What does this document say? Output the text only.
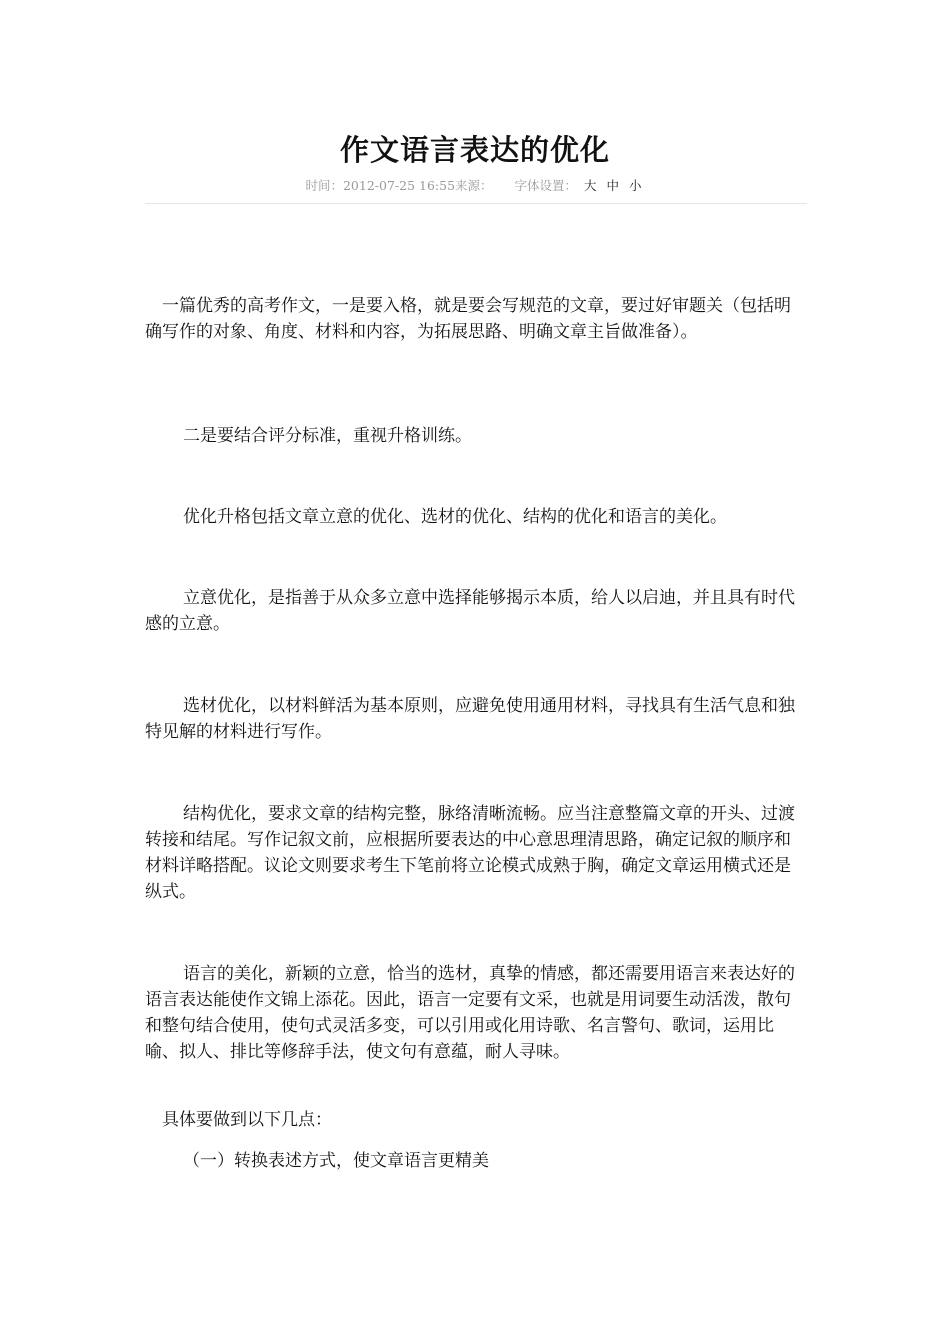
作文语言表达的优化
时间：2012-07-25 16:55来源： 字体设置： 大 中 小

一篇优秀的高考作文，一是要入格，就是要会写规范的文章，要过好审题关（包括明确写作的对象、角度、材料和内容，为拓展思路、明确文章主旨做准备）。

二是要结合评分标准，重视升格训练。

优化升格包括文章立意的优化、选材的优化、结构的优化和语言的美化。

立意优化，是指善于从众多立意中选择能够揭示本质，给人以启迪，并且具有时代感的立意。

选材优化，以材料鲜活为基本原则，应避免使用通用材料，寻找具有生活气息和独特见解的材料进行写作。

结构优化，要求文章的结构完整，脉络清晰流畅。应当注意整篇文章的开头、过渡转接和结尾。写作记叙文前，应根据所要表达的中心意思理清思路，确定记叙的顺序和材料详略搭配。议论文则要求考生下笔前将立论模式成熟于胸，确定文章运用横式还是纵式。

语言的美化，新颖的立意，恰当的选材，真挚的情感，都还需要用语言来表达好的语言表达能使作文锦上添花。因此，语言一定要有文采，也就是用词要生动活泼，散句和整句结合使用，使句式灵活多变，可以引用或化用诗歌、名言警句、歌词，运用比喻、拟人、排比等修辞手法，使文句有意蕴，耐人寻味。

具体要做到以下几点：

（一）转换表述方式，使文章语言更精美
